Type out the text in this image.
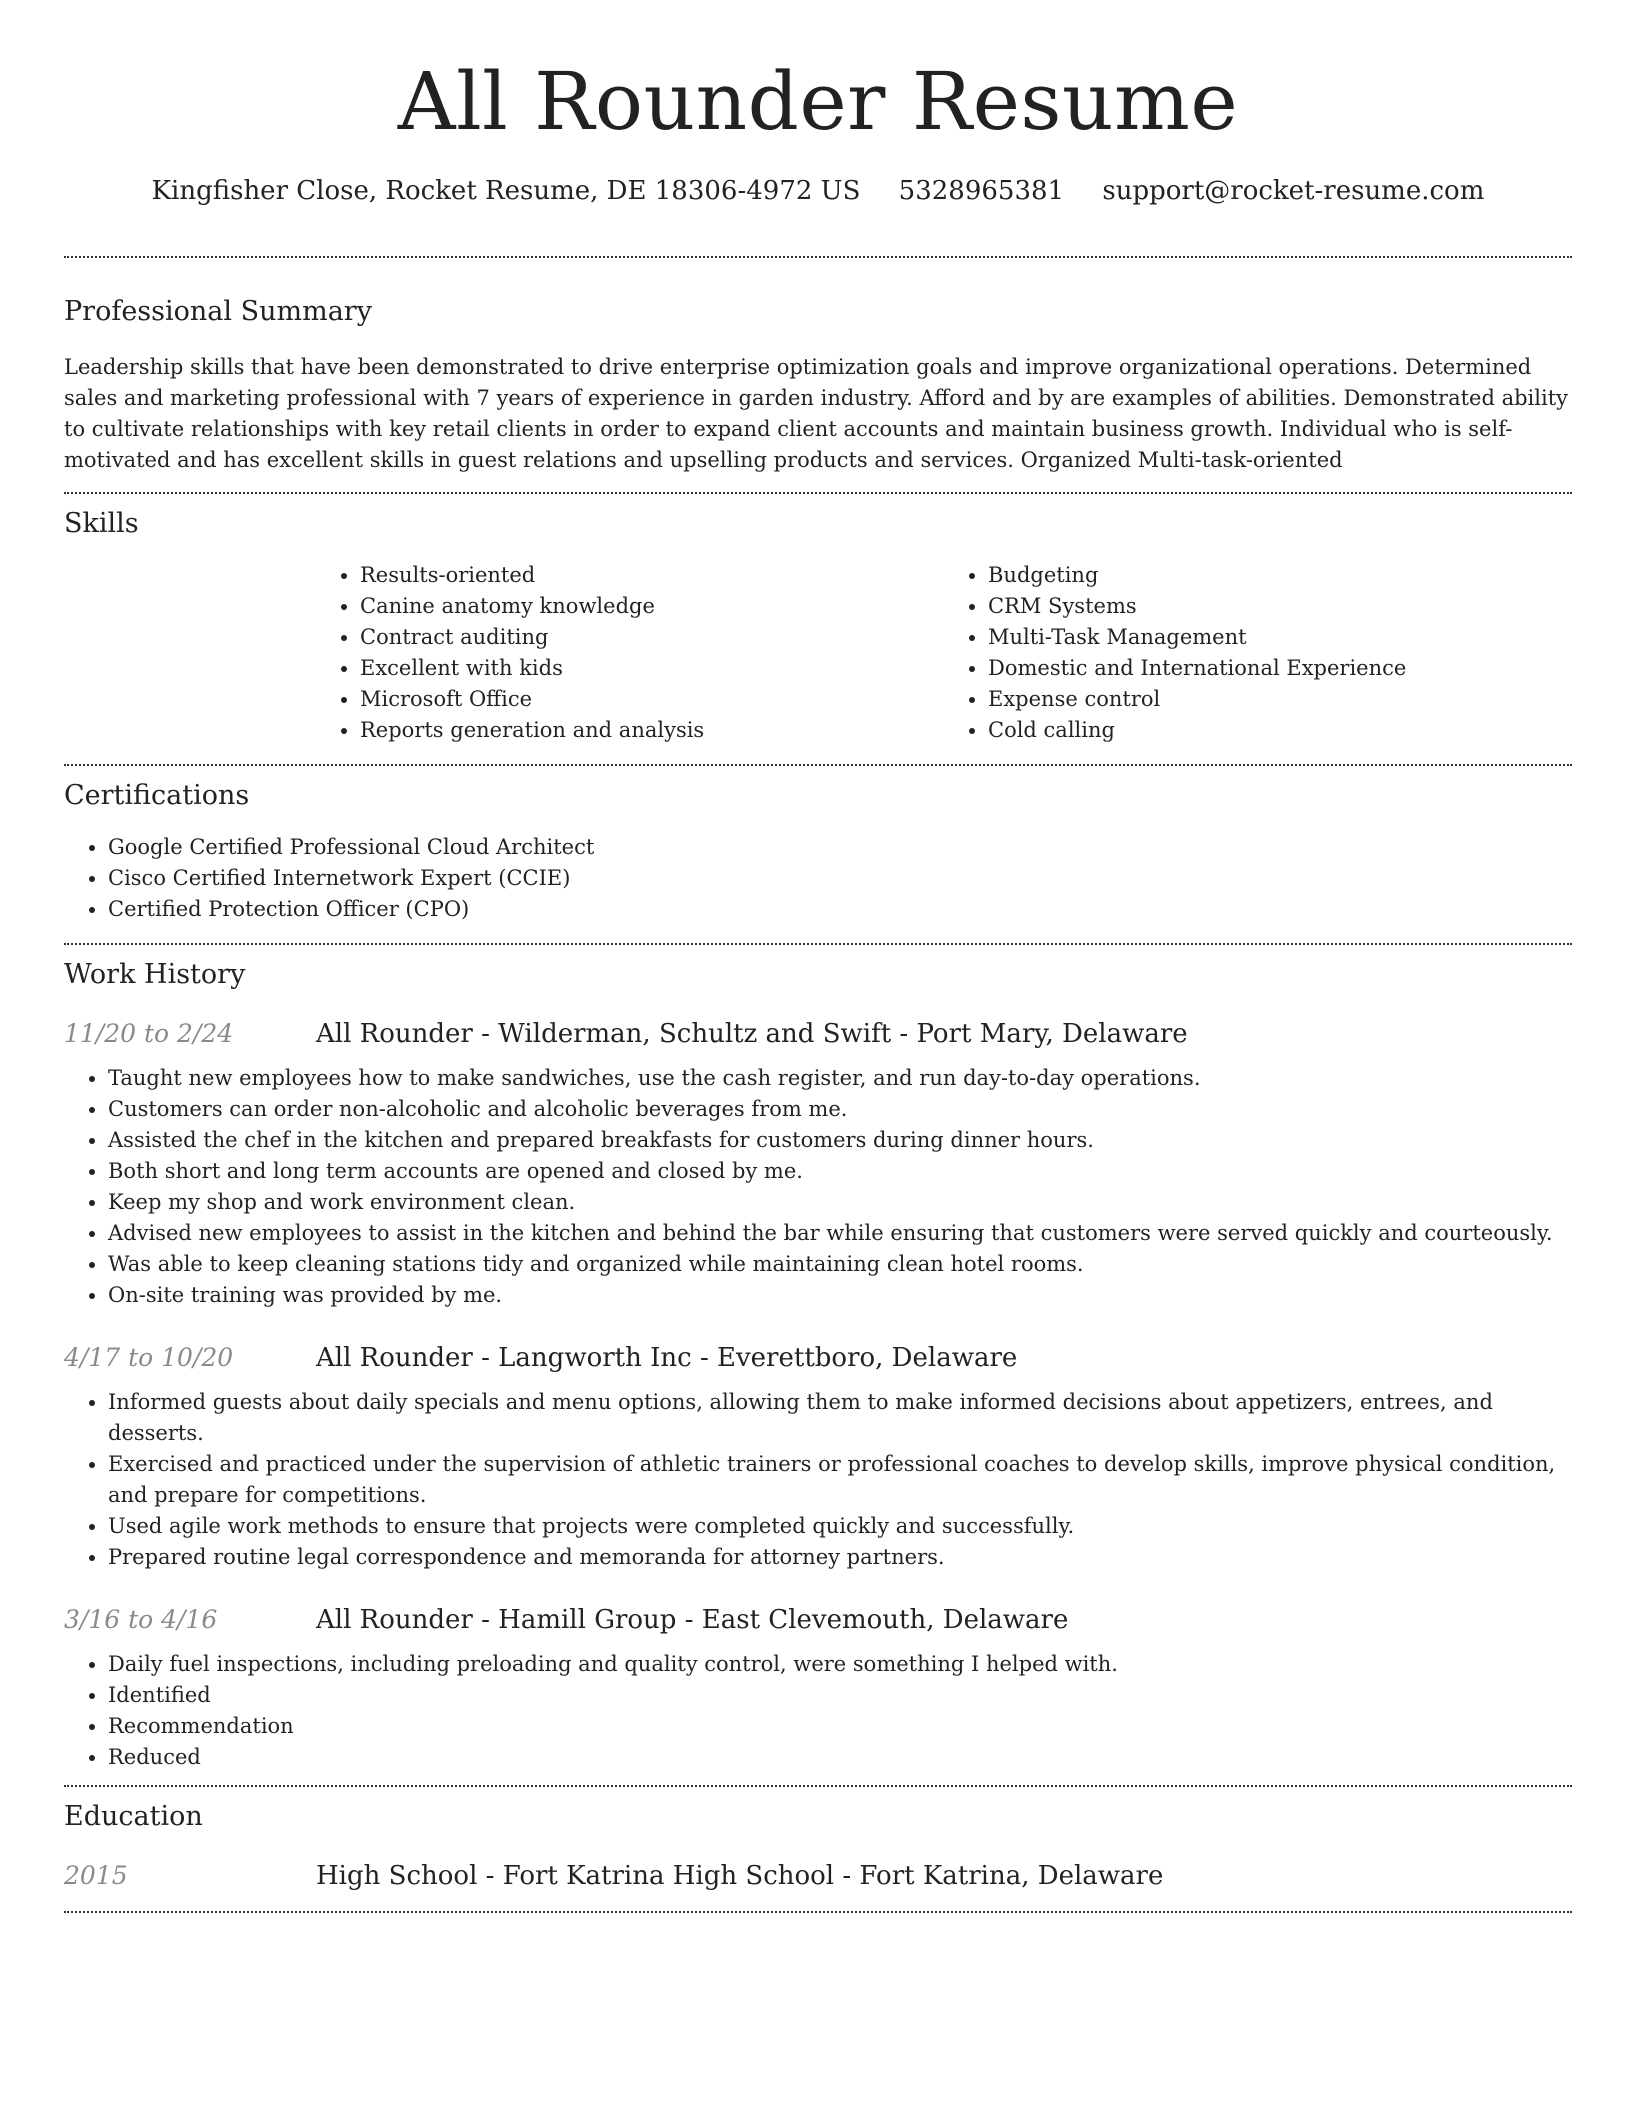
All Rounder Resume
Kingfisher Close, Rocket Resume, DE 18306-4972 US 5328965381 support@rocket-resume.com
Professional Summary

Leadership skills that have been demonstrated to drive enterprise optimization goals and improve organizational operations. Determined sales and marketing professional with 7 years of experience in garden industry. Afford and by are examples of abilities. Demonstrated ability to cultivate relationships with key retail clients in order to expand client accounts and maintain business growth. Individual who is self-motivated and has excellent skills in guest relations and upselling products and services. Organized Multi-task-oriented

Skills
• Results-oriented
• Canine anatomy knowledge
• Contract auditing
• Excellent with kids
• Microsoft Office
• Reports generation and analysis
• Budgeting
• CRM Systems
• Multi-Task Management
• Domestic and International Experience
• Expense control
• Cold calling
Certifications
• Google Certified Professional Cloud Architect
• Cisco Certified Internetwork Expert (CCIE)
• Certified Protection Officer (CPO)
Work History
11/20 to 2/24	All Rounder - Wilderman, Schultz and Swift - Port Mary, Delaware
• Taught new employees how to make sandwiches, use the cash register, and run day-to-day operations.
• Customers can order non-alcoholic and alcoholic beverages from me.
• Assisted the chef in the kitchen and prepared breakfasts for customers during dinner hours.
• Both short and long term accounts are opened and closed by me.
• Keep my shop and work environment clean.
• Advised new employees to assist in the kitchen and behind the bar while ensuring that customers were served quickly and courteously.
• Was able to keep cleaning stations tidy and organized while maintaining clean hotel rooms.
• On-site training was provided by me.
4/17 to 10/20	All Rounder - Langworth Inc - Everettboro, Delaware
• Informed guests about daily specials and menu options, allowing them to make informed decisions about appetizers, entrees, and desserts.
• Exercised and practiced under the supervision of athletic trainers or professional coaches to develop skills, improve physical condition, and prepare for competitions.
• Used agile work methods to ensure that projects were completed quickly and successfully.
• Prepared routine legal correspondence and memoranda for attorney partners.
3/16 to 4/16	All Rounder - Hamill Group - East Clevemouth, Delaware
• Daily fuel inspections, including preloading and quality control, were something I helped with.
• Identified
• Recommendation
• Reduced
Education
2015	High School - Fort Katrina High School - Fort Katrina, Delaware
